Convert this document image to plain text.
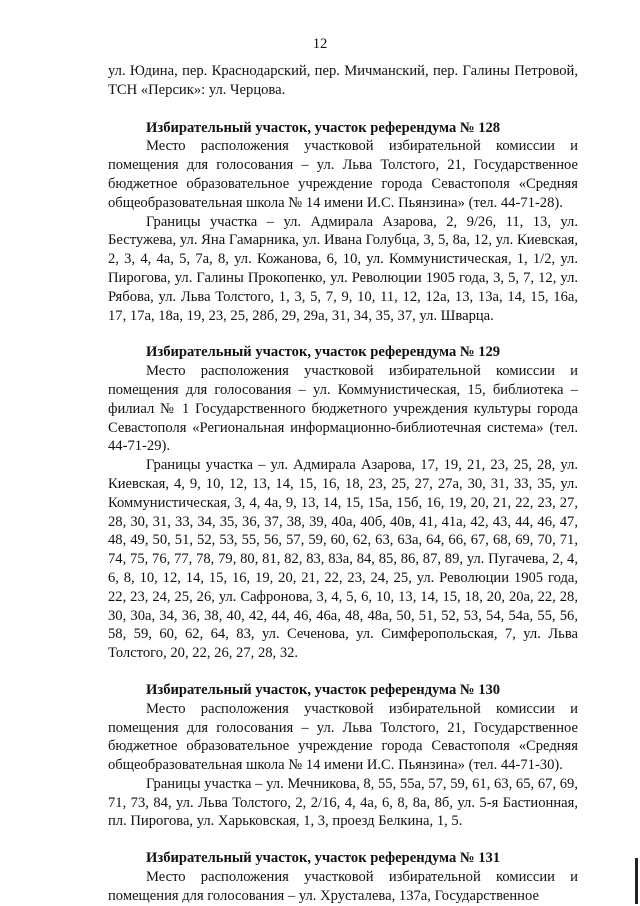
12

ул. Юдина, пер. Краснодарский, пер. Мичманский, пер. Галины Петровой, ТСН «Персик»: ул. Черцова.

Избирательный участок, участок референдума № 128

Место расположения участковой избирательной комиссии и помещения для голосования – ул. Льва Толстого, 21, Государственное бюджетное образовательное учреждение города Севастополя «Средняя общеобразовательная школа № 14 имени И.С. Пьянзина» (тел. 44-71-28).

Границы участка – ул. Адмирала Азарова, 2, 9/26, 11, 13, ул. Бестужева, ул. Яна Гамарника, ул. Ивана Голубца, 3, 5, 8а, 12, ул. Киевская, 2, 3, 4, 4а, 5, 7а, 8, ул. Кожанова, 6, 10, ул. Коммунистическая, 1, 1/2, ул. Пирогова, ул. Галины Прокопенко, ул. Революции 1905 года, 3, 5, 7, 12, ул. Рябова, ул. Льва Толстого, 1, 3, 5, 7, 9, 10, 11, 12, 12а, 13, 13а, 14, 15, 16а, 17, 17а, 18а, 19, 23, 25, 28б, 29, 29а, 31, 34, 35, 37, ул. Шварца.

Избирательный участок, участок референдума № 129

Место расположения участковой избирательной комиссии и помещения для голосования – ул. Коммунистическая, 15, библиотека – филиал № 1 Государственного бюджетного учреждения культуры города Севастополя «Региональная информационно-библиотечная система» (тел. 44-71-29).

Границы участка – ул. Адмирала Азарова, 17, 19, 21, 23, 25, 28, ул. Киевская, 4, 9, 10, 12, 13, 14, 15, 16, 18, 23, 25, 27, 27а, 30, 31, 33, 35, ул. Коммунистическая, 3, 4, 4а, 9, 13, 14, 15, 15а, 15б, 16, 19, 20, 21, 22, 23, 27, 28, 30, 31, 33, 34, 35, 36, 37, 38, 39, 40а, 40б, 40в, 41, 41а, 42, 43, 44, 46, 47, 48, 49, 50, 51, 52, 53, 55, 56, 57, 59, 60, 62, 63, 63а, 64, 66, 67, 68, 69, 70, 71, 74, 75, 76, 77, 78, 79, 80, 81, 82, 83, 83а, 84, 85, 86, 87, 89, ул. Пугачева, 2, 4, 6, 8, 10, 12, 14, 15, 16, 19, 20, 21, 22, 23, 24, 25, ул. Революции 1905 года, 22, 23, 24, 25, 26, ул. Сафронова, 3, 4, 5, 6, 10, 13, 14, 15, 18, 20, 20а, 22, 28, 30, 30а, 34, 36, 38, 40, 42, 44, 46, 46а, 48, 48а, 50, 51, 52, 53, 54, 54а, 55, 56, 58, 59, 60, 62, 64, 83, ул. Сеченова, ул. Симферопольская, 7, ул. Льва Толстого, 20, 22, 26, 27, 28, 32.

Избирательный участок, участок референдума № 130

Место расположения участковой избирательной комиссии и помещения для голосования – ул. Льва Толстого, 21, Государственное бюджетное образовательное учреждение города Севастополя «Средняя общеобразовательная школа № 14 имени И.С. Пьянзина» (тел. 44-71-30).

Границы участка – ул. Мечникова, 8, 55, 55а, 57, 59, 61, 63, 65, 67, 69, 71, 73, 84, ул. Льва Толстого, 2, 2/16, 4, 4а, 6, 8, 8а, 8б, ул. 5-я Бастионная, пл. Пирогова, ул. Харьковская, 1, 3, проезд Белкина, 1, 5.

Избирательный участок, участок референдума № 131

Место расположения участковой избирательной комиссии и помещения для голосования – ул. Хрусталева, 137а, Государственное
